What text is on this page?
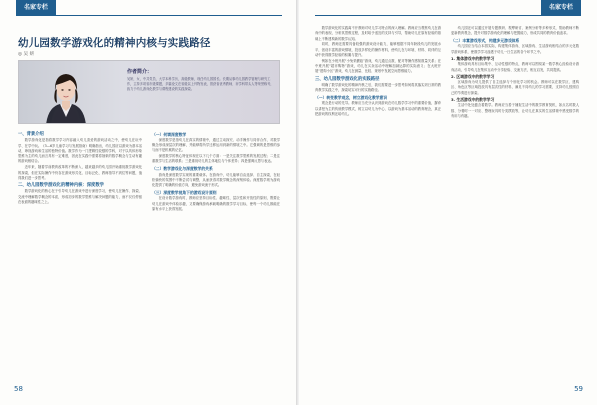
名家专栏
幼儿园数学游戏化的精神内核与实践路径
◎ 吴 妍
作者简介：
吴妍，女，中共党员，大学本科学历，高级教师，现任幼儿园园长。长期从事幼儿园教学管理与研究工作，主持多项省市级课题，多篇论文在省级以上刊物发表，曾获省优秀教师、市学科带头人等荣誉称号，致力于幼儿游戏化教学与课程建设的实践探索。
一、背景介绍

数学游戏化是指将数学学习内容融入幼儿喜爱的游戏活动之中，使幼儿在玩中学、在学中玩。《3—6岁儿童学习与发展指南》明确指出，幼儿园应以游戏为基本活动，珍视游戏和生活的独特价值。数学作为一门逻辑性较强的学科，对于以具体形象思维为主的幼儿而言具有一定难度，因此在实践中需要将抽象的数学概念与生动有趣的游戏相结合。

近年来，随着学前教育改革的不断深入，越来越多的幼儿园开始重视数学游戏化的探索，但在实际操作中仍存在游戏形式化、目标泛化、教师指导不到位等问题，值得我们进一步思考。

二、幼儿园数学游戏化的精神内核：深度数学

数学游戏化的核心在于引导幼儿在游戏中进行深度学习，使幼儿在操作、探索、交流中理解数学概念的本质，形成初步的数学思维与解决问题的能力，而不仅仅停留在表面的趣味性之上。

（一）何谓深度数学

深度数学是指幼儿在真实的情境中，通过主动探究、动手操作与同伴合作，对数学概念形成深层次的理解，并能够将所学迁移运用到新的情境之中。它强调的是思维的参与而不是机械的记忆。

深度数学的核心特征体现在以下几个方面：一是关注数学思维的发展过程；二是注重数学与生活的联系；三是重视幼儿的主体地位与个体差异；四是强调反思与表达。

（二）数学游戏化与深度数学的关系

游戏是深度数学实现的重要载体。在游戏中，幼儿能够自由选择、自主探索，在轻松愉快的氛围中不断尝试与调整，从而获得对数学概念的深刻体验。深度数学则为游戏化提供了明确的价值方向，避免游戏流于形式。

（三）深度数学视角下的游戏设计原则

在设计数学游戏时，教师应坚持目标性、趣味性、层次性和开放性的原则，既要让幼儿在游戏中体验乐趣，又要确保游戏承载明确的数学学习目标，使每一个幼儿都能在原有水平上获得发展。

58
名家专栏

数学游戏化的实践离不开教师对幼儿学习特点的深入理解。教师应当观察幼儿在游戏中的表现，分析其思维过程，及时给予适宜的支持与引导，帮助幼儿在原有经验的基础上不断建构新的数学认知。

同时，教师还需要具备较强的游戏设计能力，能够根据不同年龄段幼儿的发展水平，创设丰富的游戏情境，投放多样化的操作材料，使幼儿在与环境、材料、同伴的互动中获得数学经验的积累与提升。

例如在小班开展“小兔采蘑菇”游戏，幼儿通过点数、配对等操作感知数量关系；在中班开展“超市购物”游戏，幼儿在买卖活动中理解加减运算的实际意义；在大班开展“建构小区”游戏，幼儿在测量、比较、规划中发展空间思维能力。

三、幼儿园数学游戏化的实践路径

明确了数学游戏化的精神内核之后，我们需要进一步思考如何将其落实到日常的教育教学实践之中，探索切实可行的实施路径。

（一）转变教学观念，树立游戏化教学意识

观念是行动的先导。教师应当充分认识到游戏在幼儿数学学习中的重要价值，摒弃以讲授为主的传统教学模式，树立以幼儿为中心、以游戏为基本活动的教育理念，真正把游戏的权利还给幼儿。

幼儿园还可以通过开展专题教研、观摩研讨、案例分析等多种形式，帮助教师不断更新教育观念，提升对数学游戏化的理解与把握能力，形成共同的教育价值追求。

（二）丰富游戏形式，构建多元游戏体系

幼儿园应当结合本园实际，构建集体游戏、区域游戏、生活游戏相结合的多元化数学游戏体系，使数学学习渗透于幼儿一日生活的各个环节之中。

1. 集体游戏中的数学学习

集体游戏具有目标集中、互动性强的特点，教师可以围绕某一数学核心经验设计游戏活动，引导幼儿在集体互动中分享经验、交流方法，相互启发，共同提高。

2. 区域游戏中的数学学习

区域游戏为幼儿提供了自主选择与个别化学习的机会。教师可以在数学区、建构区、角色区等区域投放具有层次性的材料，满足不同幼儿的学习需要，支持幼儿按照自己的节奏进行探索。

3. 生活游戏中的数学学习

生活中处处蕴含着数学。教师应当善于捕捉生活中的数学教育契机，如点名时数人数、分餐时一一对应、整理玩具时分类摆放等，让幼儿在真实的生活情境中感受数学的有用与有趣。

59
